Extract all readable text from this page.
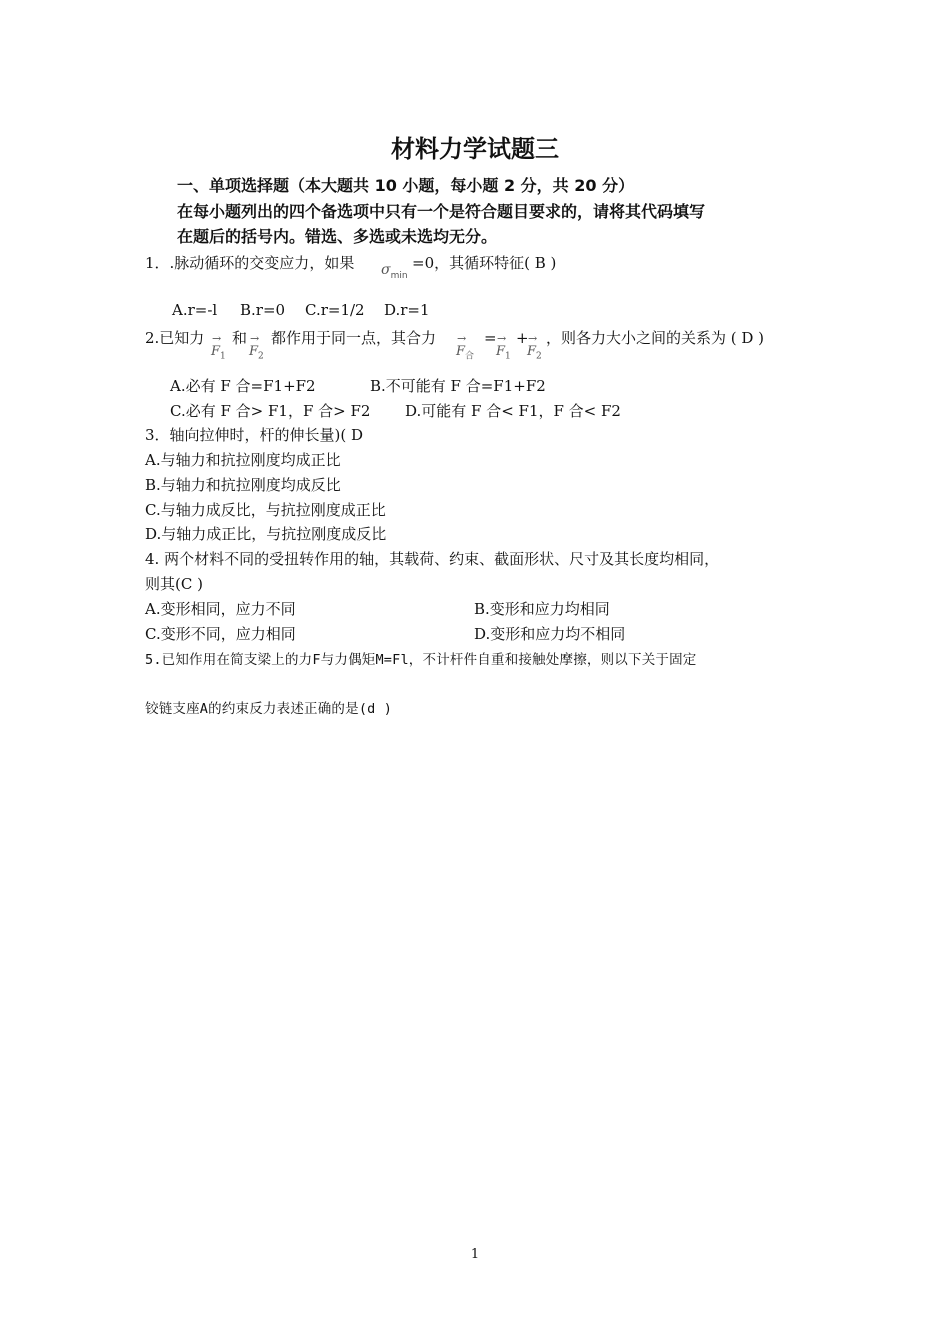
材料力学试题三
一、单项选择题（本大题共 10 小题，每小题 2 分，共 20 分）
在每小题列出的四个备选项中只有一个是符合题目要求的，请将其代码填写
在题后的括号内。错选、多选或未选均无分。
1．.脉动循环的交变应力，如果 $\sigma_{min}$
=0，其循环特征( B )
A.r=-l B.r=0 C.r=1/2 D.r=1
2.已知力 →
$F_1$
和 →
$F_2$
都作用于同一点，其合力 →
$F_合$
= →
$F_1$
+ →
$F_2$
，则各力大小之间的关系为 ( D )
A.必有 F 合=F1+F2	B.不可能有 F 合=F1+F2
C.必有 F 合> F1，F 合> F2 D.可能有 F 合< F1，F 合< F2
3．轴向拉伸时，杆的伸长量)( D
A.与轴力和抗拉刚度均成正比
B.与轴力和抗拉刚度均成反比
C.与轴力成反比，与抗拉刚度成正比
D.与轴力成正比，与抗拉刚度成反比
4. 两个材料不同的受扭转作用的轴，其载荷、约束、截面形状、尺寸及其长度均相同，
则其(C )
A.变形相同，应力不同	B.变形和应力均相同
C.变形不同，应力相同	D.变形和应力均不相同
5.已知作用在简支梁上的力F与力偶矩M=Fl，不计杆件自重和接触处摩擦，则以下关于固定
铰链支座A的约束反力表述正确的是(d )
1
